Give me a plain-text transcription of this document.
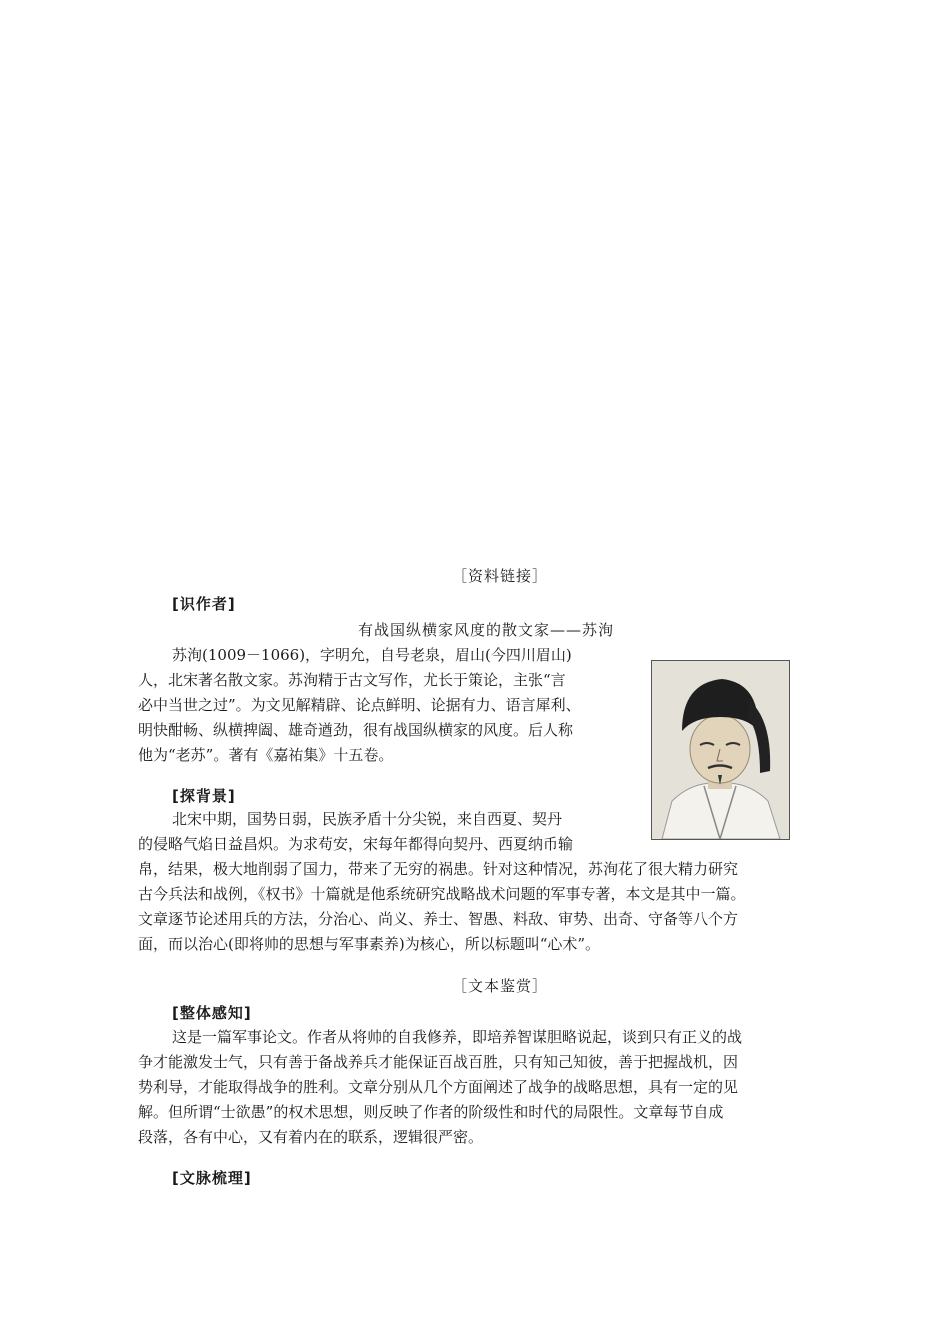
［资料链接］
[识作者]
有战国纵横家风度的散文家——苏洵
苏洵(1009－1066)，字明允，自号老泉，眉山(今四川眉山)
人，北宋著名散文家。苏洵精于古文写作，尤长于策论，主张“言
必中当世之过”。为文见解精辟、论点鲜明、论据有力、语言犀利、
明快酣畅、纵横捭阖、雄奇遒劲，很有战国纵横家的风度。后人称
他为“老苏”。著有《嘉祐集》十五卷。
[探背景]
北宋中期，国势日弱，民族矛盾十分尖锐，来自西夏、契丹
的侵略气焰日益昌炽。为求苟安，宋每年都得向契丹、西夏纳币输
帛，结果，极大地削弱了国力，带来了无穷的祸患。针对这种情况，苏洵花了很大精力研究
古今兵法和战例，《权书》十篇就是他系统研究战略战术问题的军事专著，本文是其中一篇。
文章逐节论述用兵的方法，分治心、尚义、养士、智愚、料敌、审势、出奇、守备等八个方
面，而以治心(即将帅的思想与军事素养)为核心，所以标题叫“心术”。
［文本鉴赏］
[整体感知]
这是一篇军事论文。作者从将帅的自我修养，即培养智谋胆略说起，谈到只有正义的战
争才能激发士气，只有善于备战养兵才能保证百战百胜，只有知己知彼，善于把握战机，因
势利导，才能取得战争的胜利。文章分别从几个方面阐述了战争的战略思想，具有一定的见
解。但所谓“士欲愚”的权术思想，则反映了作者的阶级性和时代的局限性。文章每节自成
段落，各有中心，又有着内在的联系，逻辑很严密。
[文脉梳理]
